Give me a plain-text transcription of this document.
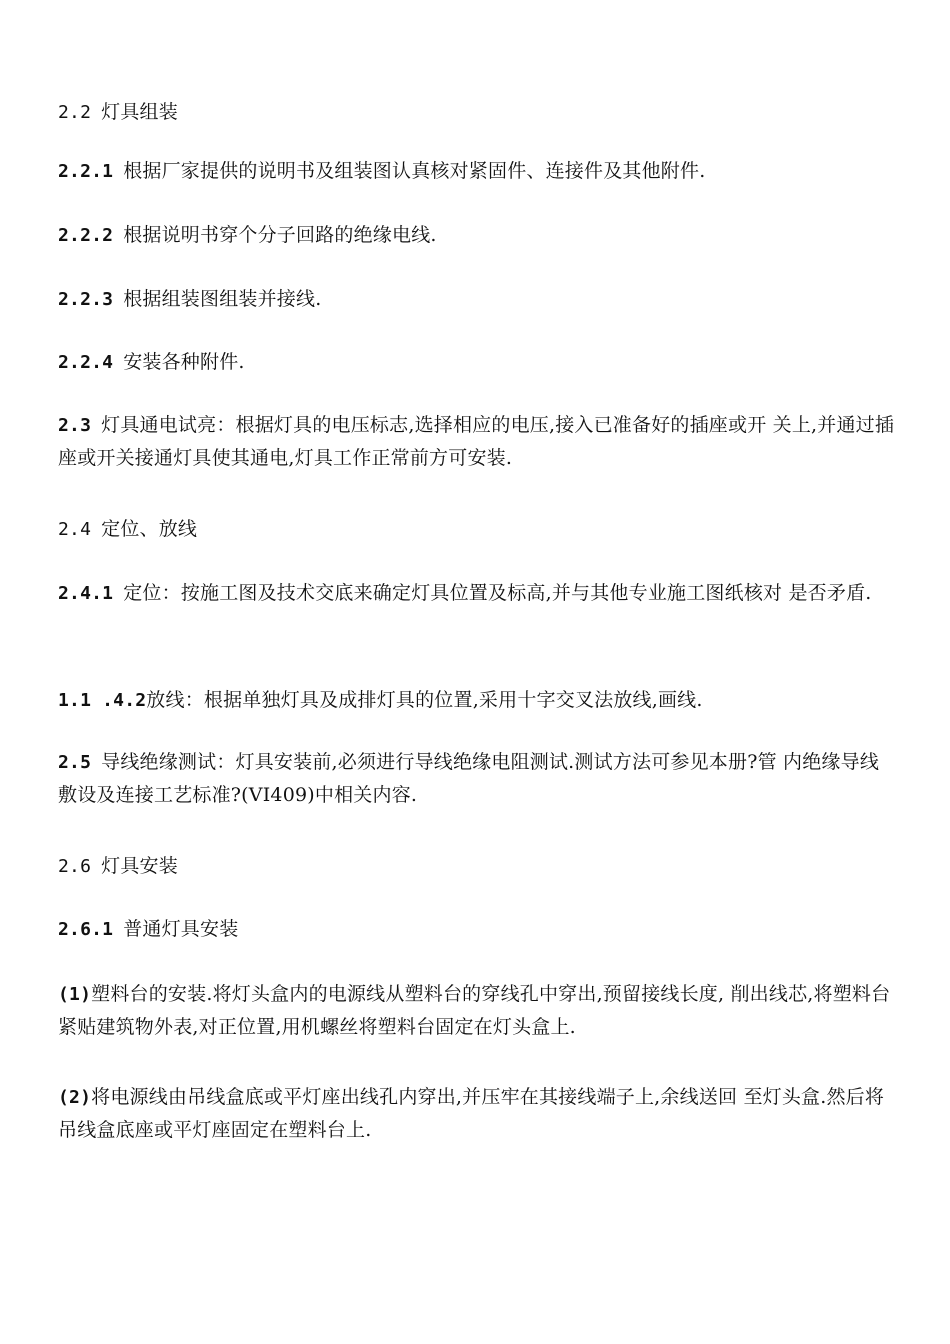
2.2 灯具组装
2.2.1 根据厂家提供的说明书及组装图认真核对紧固件、连接件及其他附件.
2.2.2 根据说明书穿个分子回路的绝缘电线.
2.2.3 根据组装图组装并接线.
2.2.4 安装各种附件.
2.3 灯具通电试亮：根据灯具的电压标志,选择相应的电压,接入已准备好的插座或开 关上,并通过插座或开关接通灯具使其通电,灯具工作正常前方可安装.
2.4 定位、放线
2.4.1 定位：按施工图及技术交底来确定灯具位置及标高,并与其他专业施工图纸核对 是否矛盾.
1.1 .4.2放线：根据单独灯具及成排灯具的位置,采用十字交叉法放线,画线.
2.5 导线绝缘测试：灯具安装前,必须进行导线绝缘电阻测试.测试方法可参见本册?管 内绝缘导线敷设及连接工艺标准?(VI409)中相关内容.
2.6 灯具安装
2.6.1 普通灯具安装
(1)塑料台的安装.将灯头盒内的电源线从塑料台的穿线孔中穿出,预留接线长度, 削出线芯,将塑料台紧贴建筑物外表,对正位置,用机螺丝将塑料台固定在灯头盒上.
(2)将电源线由吊线盒底或平灯座出线孔内穿出,并压牢在其接线端子上,余线送回 至灯头盒.然后将吊线盒底座或平灯座固定在塑料台上.
